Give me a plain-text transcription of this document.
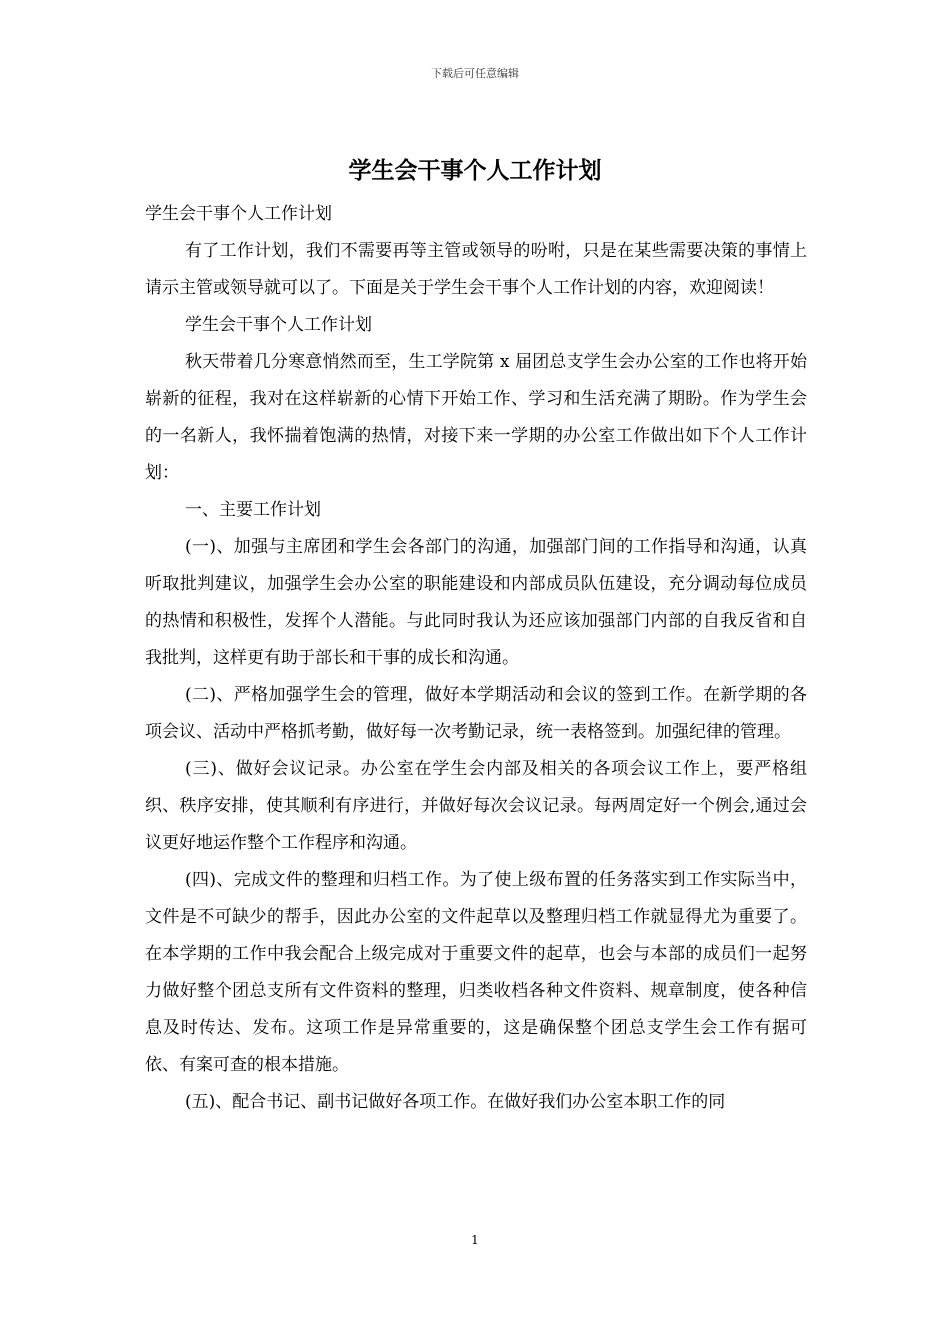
下载后可任意编辑
学生会干事个人工作计划

学生会干事个人工作计划

有了工作计划，我们不需要再等主管或领导的吩咐，只是在某些需要决策的事情上请示主管或领导就可以了。下面是关于学生会干事个人工作计划的内容，欢迎阅读！

学生会干事个人工作计划

秋天带着几分寒意悄然而至，生工学院第 x 届团总支学生会办公室的工作也将开始崭新的征程，我对在这样崭新的心情下开始工作、学习和生活充满了期盼。作为学生会的一名新人，我怀揣着饱满的热情，对接下来一学期的办公室工作做出如下个人工作计划：

一、主要工作计划

(一)、加强与主席团和学生会各部门的沟通，加强部门间的工作指导和沟通，认真听取批判建议，加强学生会办公室的职能建设和内部成员队伍建设，充分调动每位成员的热情和积极性，发挥个人潜能。与此同时我认为还应该加强部门内部的自我反省和自我批判，这样更有助于部长和干事的成长和沟通。

(二)、严格加强学生会的管理，做好本学期活动和会议的签到工作。在新学期的各项会议、活动中严格抓考勤，做好每一次考勤记录，统一表格签到。加强纪律的管理。

(三)、做好会议记录。办公室在学生会内部及相关的各项会议工作上，要严格组织、秩序安排，使其顺利有序进行，并做好每次会议记录。每两周定好一个例会,通过会议更好地运作整个工作程序和沟通。

(四)、完成文件的整理和归档工作。为了使上级布置的任务落实到工作实际当中，文件是不可缺少的帮手，因此办公室的文件起草以及整理归档工作就显得尤为重要了。在本学期的工作中我会配合上级完成对于重要文件的起草，也会与本部的成员们一起努力做好整个团总支所有文件资料的整理，归类收档各种文件资料、规章制度，使各种信息及时传达、发布。这项工作是异常重要的，这是确保整个团总支学生会工作有据可依、有案可查的根本措施。

(五)、配合书记、副书记做好各项工作。在做好我们办公室本职工作的同

1
